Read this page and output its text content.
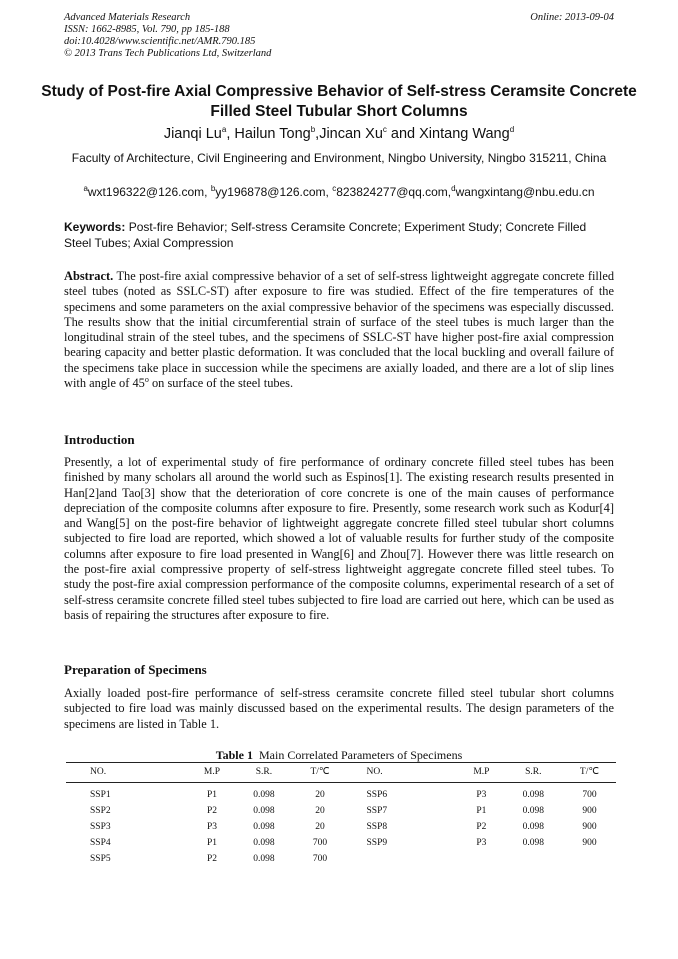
Advanced Materials Research
ISSN: 1662-8985, Vol. 790, pp 185-188
doi:10.4028/www.scientific.net/AMR.790.185
© 2013 Trans Tech Publications Ltd, Switzerland
Online: 2013-09-04
Study of Post-fire Axial Compressive Behavior of Self-stress Ceramsite Concrete Filled Steel Tubular Short Columns
Jianqi Lu$^a$, Hailun Tong$^b$,Jincan Xu$^c$ and Xintang Wang$^d$
Faculty of Architecture, Civil Engineering and Environment, Ningbo University, Ningbo 315211, China
$^a$wxt196322@126.com, $^b$yy196878@126.com, $^c$823824277@qq.com,$^d$wangxintang@nbu.edu.cn
Keywords: Post-fire Behavior; Self-stress Ceramsite Concrete; Experiment Study; Concrete Filled Steel Tubes; Axial Compression
Abstract. The post-fire axial compressive behavior of a set of self-stress lightweight aggregate concrete filled steel tubes (noted as SSLC-ST) after exposure to fire was studied. Effect of the fire temperatures of the specimens and some parameters on the axial compressive behavior of the specimens was especially discussed. The results show that the initial circumferential strain of surface of the steel tubes is much larger than the longitudinal strain of the steel tubes, and the specimens of SSLC-ST have higher post-fire axial compression bearing capacity and better plastic deformation. It was concluded that the local buckling and overall failure of the specimens take place in succession while the specimens are axially loaded, and there are a lot of slip lines with angle of 45$^o$ on surface of the steel tubes.
Introduction
Presently, a lot of experimental study of fire performance of ordinary concrete filled steel tubes has been finished by many scholars all around the world such as Espinos[1]. The existing research results presented in Han[2]and Tao[3] show that the deterioration of core concrete is one of the main causes of performance depreciation of the composite columns after exposure to fire. Presently, some research work such as Kodur[4] and Wang[5] on the post-fire behavior of lightweight aggregate concrete filled steel tubular short columns subjected to fire load are reported, which showed a lot of valuable results for further study of the composite columns after exposure to fire load presented in Wang[6] and Zhou[7]. However there was little research on the post-fire axial compressive property of self-stress lightweight aggregate concrete filled steel tubes. To study the post-fire axial compression performance of the composite columns, experimental research of a set of self-stress ceramsite concrete filled steel tubes subjected to fire load are carried out here, which can be used as basis of repairing the structures after exposure to fire.
Preparation of Specimens
Axially loaded post-fire performance of self-stress ceramsite concrete filled steel tubular short columns subjected to fire load was mainly discussed based on the experimental results. The design parameters of the specimens are listed in Table 1.
Table 1 Main Correlated Parameters of Specimens
NO.	M.P	S.R.	T/℃	NO.	M.P	S.R.	T/℃
SSP1	P1	0.098	20	SSP6	P3	0.098	700
SSP2	P2	0.098	20	SSP7	P1	0.098	900
SSP3	P3	0.098	20	SSP8	P2	0.098	900
SSP4	P1	0.098	700	SSP9	P3	0.098	900
SSP5	P2	0.098	700				
